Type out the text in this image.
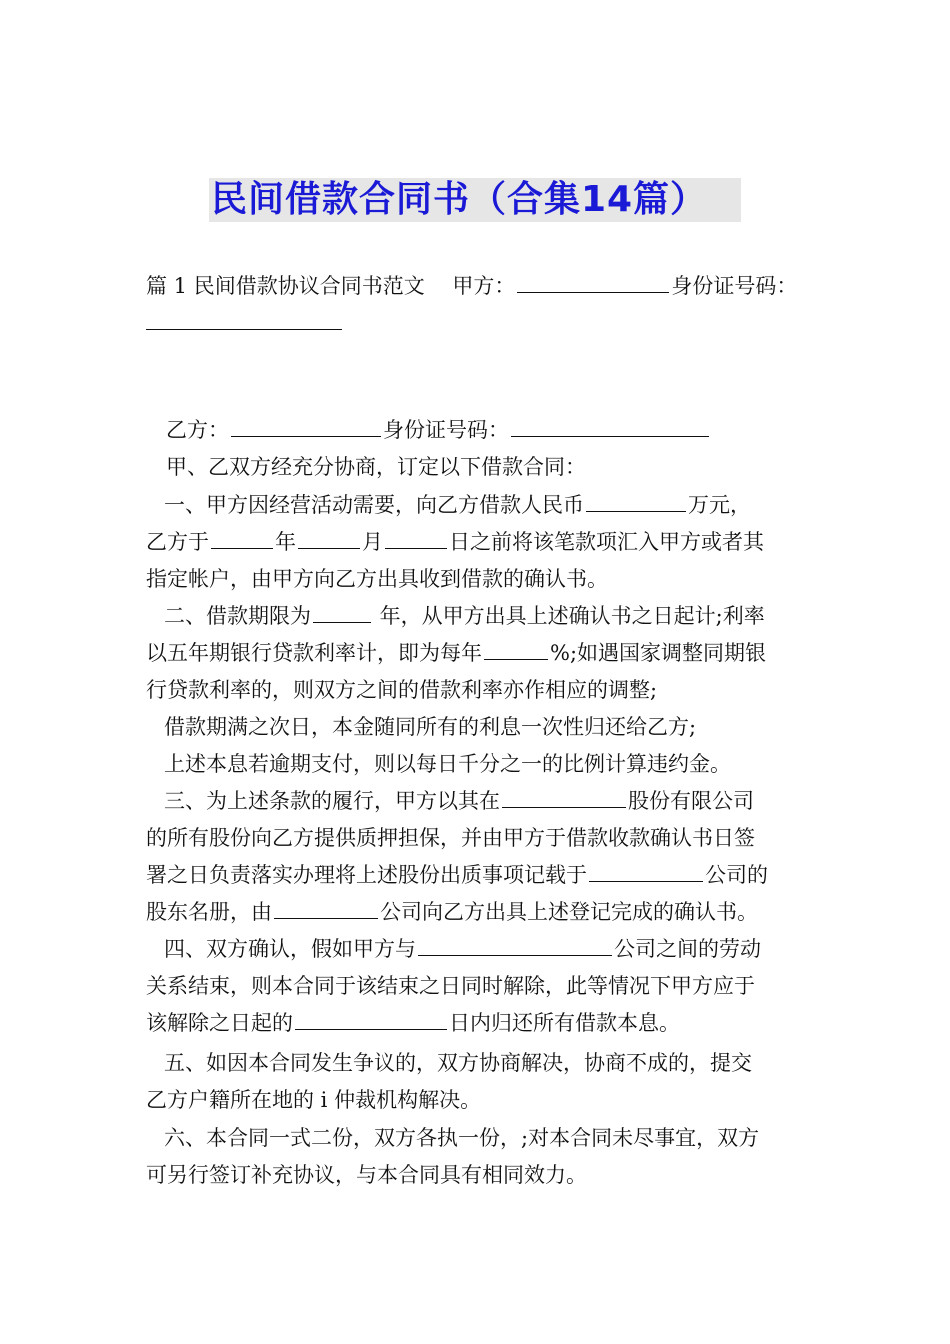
民间借款合同书（合集14篇）
篇 1 民间借款协议合同书范文　 甲方：	身份证号码：
乙方：	身份证号码：
甲、乙双方经充分协商，订定以下借款合同：
一、甲方因经营活动需要，向乙方借款人民币	万元，
乙方于	年	月	日之前将该笔款项汇入甲方或者其
指定帐户，由甲方向乙方出具收到借款的确认书。
二、借款期限为	年，从甲方出具上述确认书之日起计;利率
以五年期银行贷款利率计，即为每年	%;如遇国家调整同期银
行贷款利率的，则双方之间的借款利率亦作相应的调整;
借款期满之次日，本金随同所有的利息一次性归还给乙方;
上述本息若逾期支付，则以每日千分之一的比例计算违约金。
三、为上述条款的履行，甲方以其在	股份有限公司
的所有股份向乙方提供质押担保，并由甲方于借款收款确认书日签
署之日负责落实办理将上述股份出质事项记载于	公司的
股东名册，由	公司向乙方出具上述登记完成的确认书。
四、双方确认，假如甲方与	公司之间的劳动
关系结束，则本合同于该结束之日同时解除，此等情况下甲方应于
该解除之日起的	日内归还所有借款本息。
五、如因本合同发生争议的，双方协商解决，协商不成的，提交
乙方户籍所在地的 i 仲裁机构解决。
六、本合同一式二份，双方各执一份，;对本合同未尽事宜，双方
可另行签订补充协议，与本合同具有相同效力。
